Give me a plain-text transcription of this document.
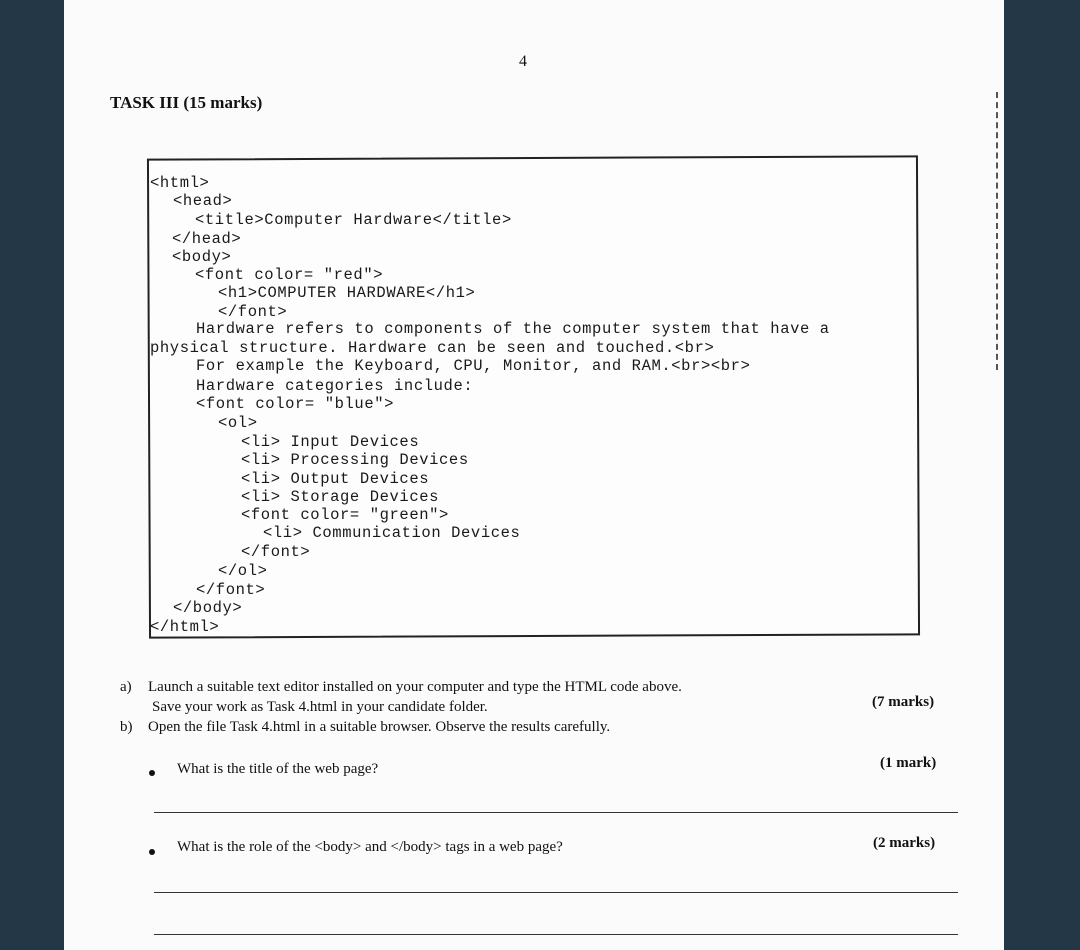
4
TASK III (15 marks)
<html>
<head>
<title>Computer Hardware</title>
</head>
<body>
<font color= "red">
<h1>COMPUTER HARDWARE</h1>
</font>
Hardware refers to components of the computer system that have a
physical structure. Hardware can be seen and touched.<br>
For example the Keyboard, CPU, Monitor, and RAM.<br><br>
Hardware categories include:
<font color= "blue">
<ol>
<li> Input Devices
<li> Processing Devices
<li> Output Devices
<li> Storage Devices
<font color= "green">
<li> Communication Devices
</font>
</ol>
</font>
</body>
</html>
a) Launch a suitable text editor installed on your computer and type the HTML code above.
Save your work as Task 4.html in your candidate folder.	(7 marks)
b) Open the file Task 4.html in a suitable browser. Observe the results carefully.
What is the title of the web page?	(1 mark)
What is the role of the <body> and </body> tags in a web page?	(2 marks)
